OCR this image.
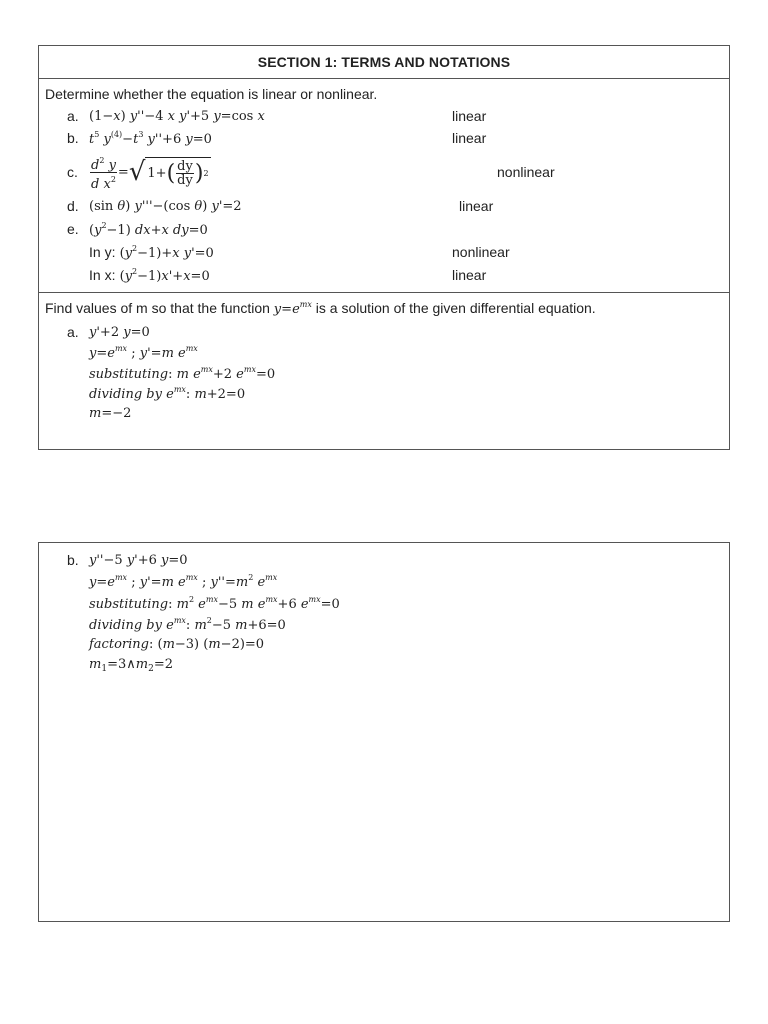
SECTION 1: TERMS AND NOTATIONS
Determine whether the equation is linear or nonlinear.
a. (1−x) y''−4 x y'+5 y=cos x	linear
b. $t^5$ $y^{(4)}-t^3$ y''+6 y=0	linear
c. $\frac{d^2 y}{d x^2}$ = √ 1+ ( $\frac{dy}{dy}$ ) 2	nonlinear
d. (sin θ) y'''−(cos θ) y'=2	linear
e. $(y^2-1)$ dx+x dy=0
In y: $(y^2-1)+x$ y'=0	nonlinear
In x: $(y^2-1)x'+x=0$	linear
Find values of m so that the function $y=e^{mx}$ is a solution of the given differential equation.
a. y'+2 y=0
$y=e^{mx}$ ; y'=m $e^{mx}$
substituting: m $e^{mx}+2$ $e^{mx}=0$
dividing by $e^{mx}$: m+2=0
m=−2
b. y''−5 y'+6 y=0
$y=e^{mx}$ ; y'=m $e^{mx}$ ; $y''=m^2$ $e^{mx}$
substituting: $m^2$ $e^{mx}-5$ m $e^{mx}+6$ $e^{mx}=0$
dividing by $e^{mx}$: $m^2-5$ m+6=0
factoring: (m−3) (m−2)=0
$m_1=3\wedge m_2=2$
